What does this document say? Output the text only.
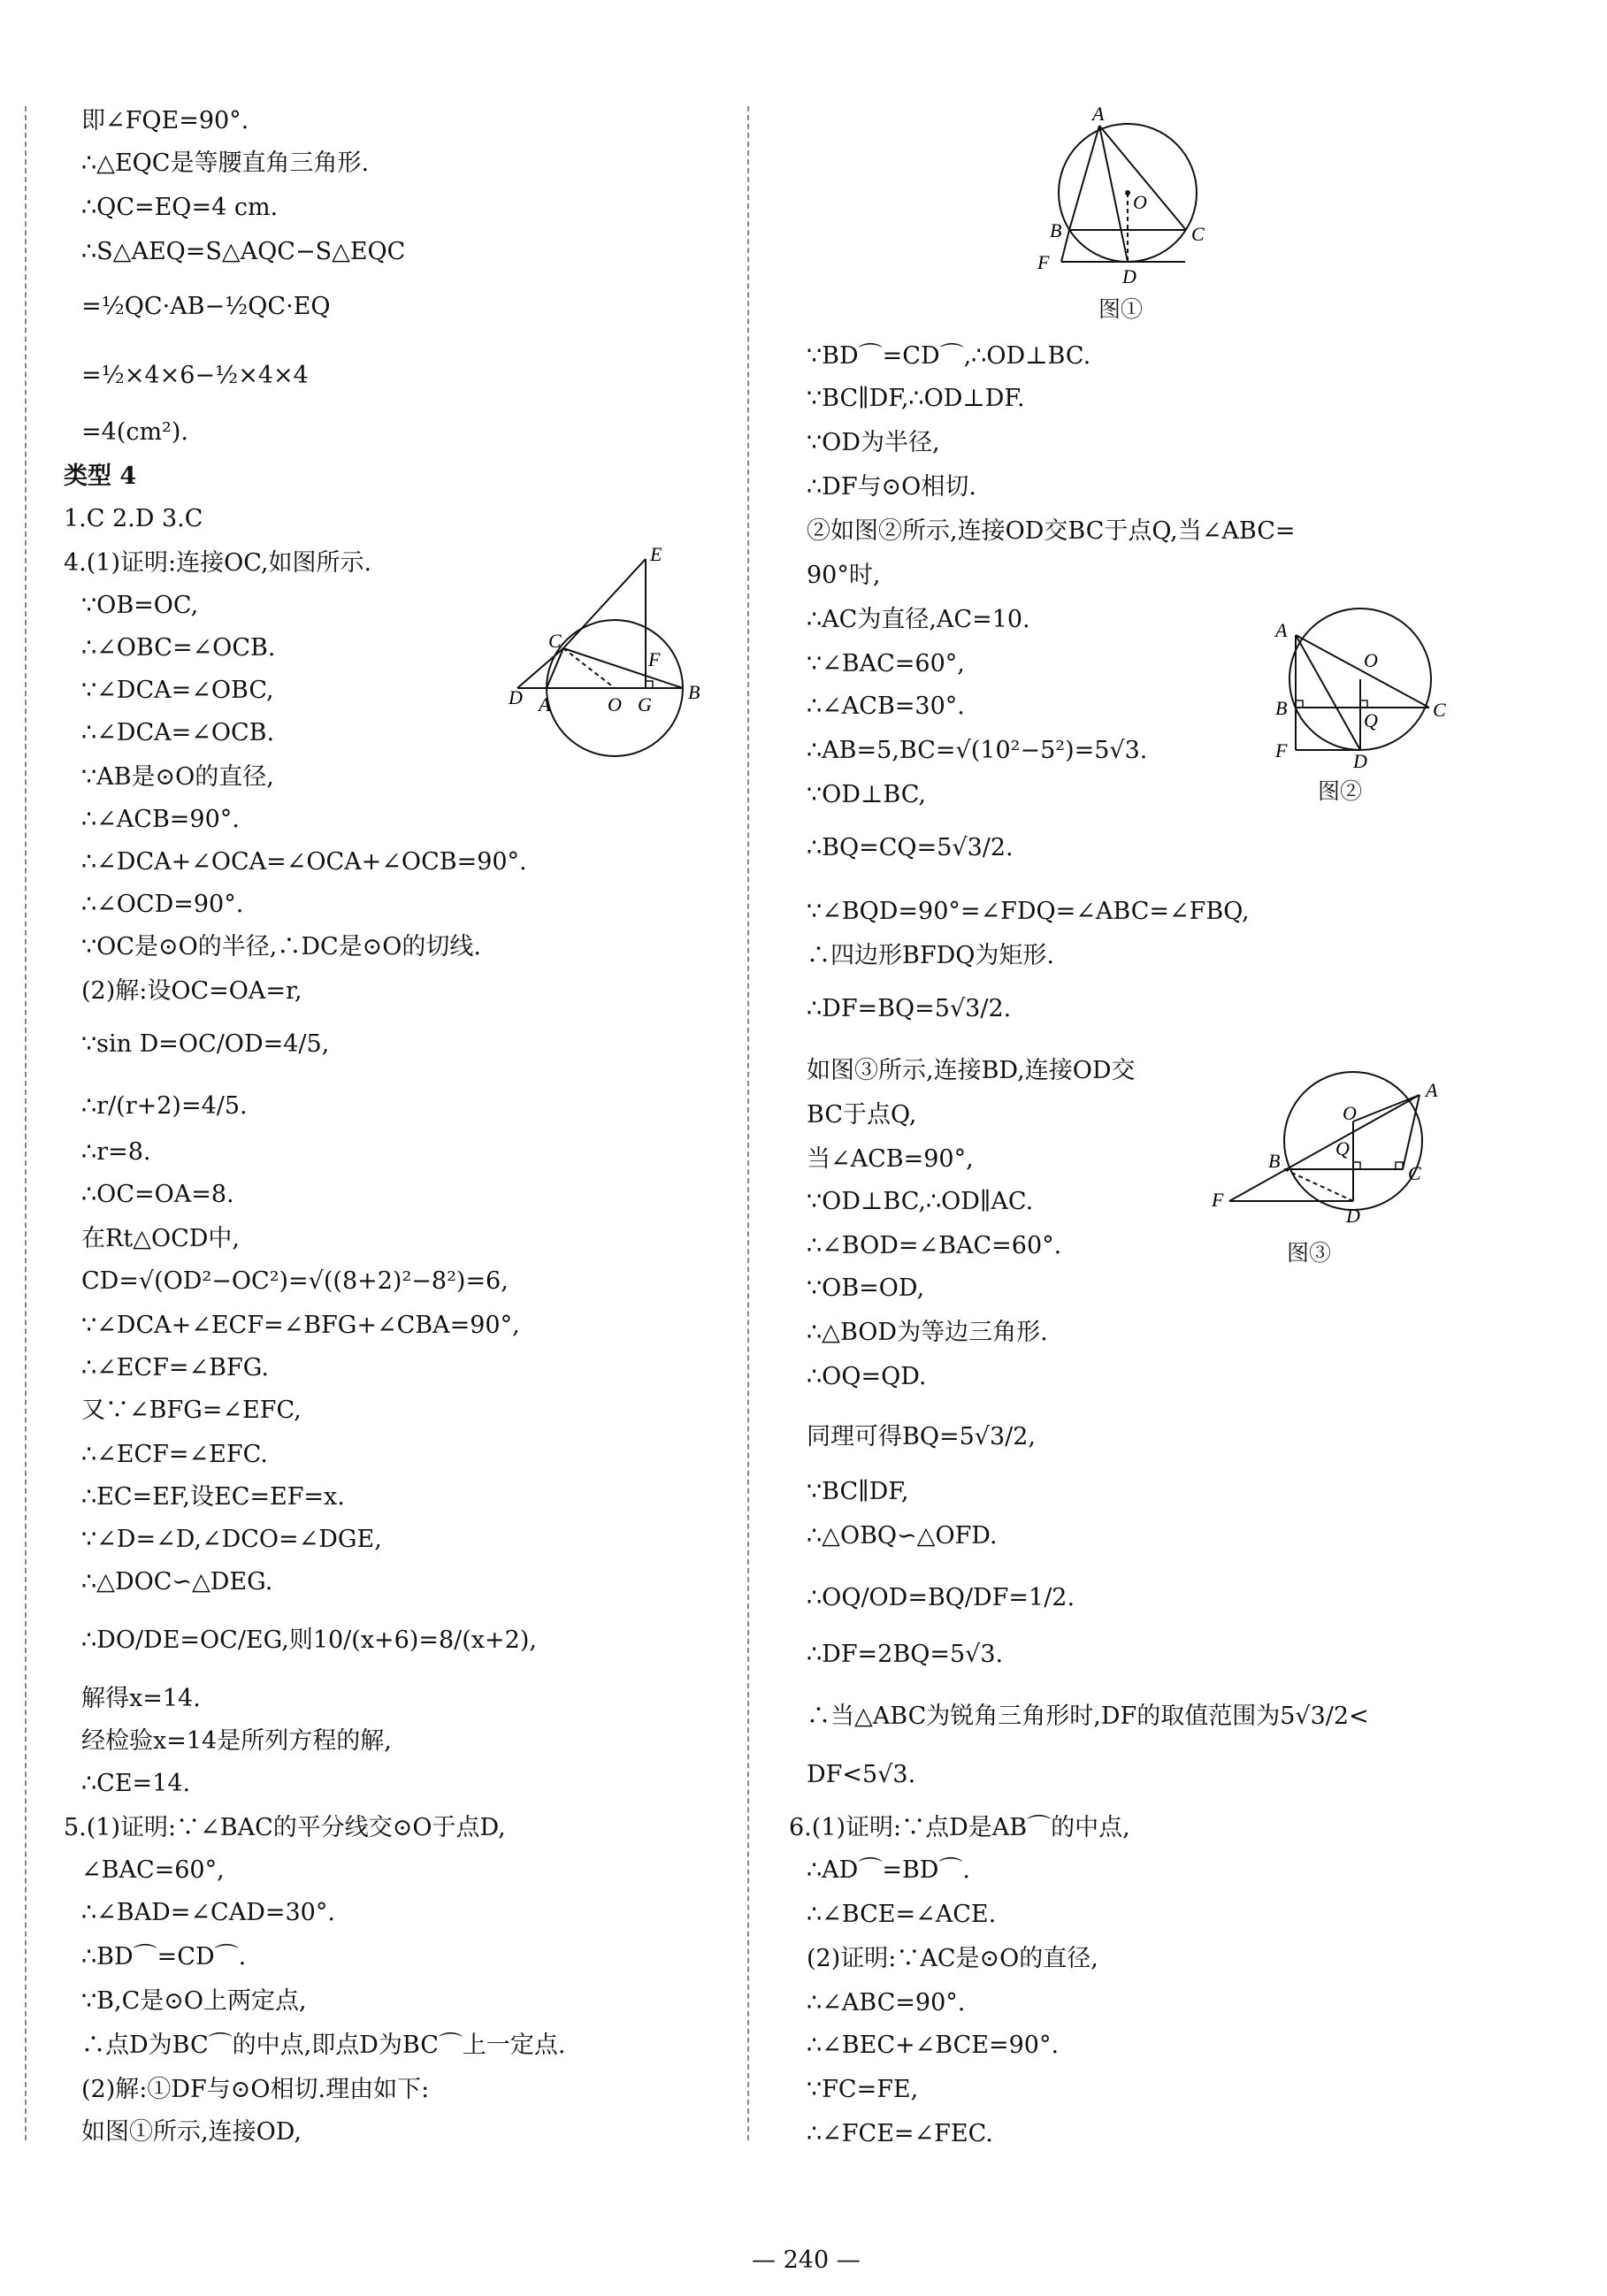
即∠FQE=90°.
∴△EQC是等腰直角三角形.
∴QC=EQ=4 cm.
∴S△AEQ=S△AQC−S△EQC
=½QC·AB−½QC·EQ
=½×4×6−½×4×4
=4(cm²).
类型 4
1.C 2.D 3.C
4.(1)证明:连接OC,如图所示.
∵OB=OC,
∴∠OBC=∠OCB.
∵∠DCA=∠OBC,
∴∠DCA=∠OCB.
∵AB是⊙O的直径,
∴∠ACB=90°.
∴∠DCA+∠OCA=∠OCA+∠OCB=90°.
∴∠OCD=90°.
∵OC是⊙O的半径,∴DC是⊙O的切线.
(2)解:设OC=OA=r,
∵sin D=OC/OD=4/5,
∴r/(r+2)=4/5.
∴r=8.
∴OC=OA=8.
在Rt△OCD中,
CD=√(OD²−OC²)=√((8+2)²−8²)=6,
∵∠DCA+∠ECF=∠BFG+∠CBA=90°,
∴∠ECF=∠BFG.
又∵∠BFG=∠EFC,
∴∠ECF=∠EFC.
∴EC=EF,设EC=EF=x.
∵∠D=∠D,∠DCO=∠DGE,
∴△DOC∽△DEG.
∴DO/DE=OC/EG,则10/(x+6)=8/(x+2),
解得x=14.
经检验x=14是所列方程的解,
∴CE=14.
5.(1)证明:∵∠BAC的平分线交⊙O于点D,
∠BAC=60°,
∴∠BAD=∠CAD=30°.
∴BD⌒=CD⌒.
∵B,C是⊙O上两定点,
∴点D为BC⌒的中点,即点D为BC⌒上一定点.
(2)解:①DF与⊙O相切.理由如下:
如图①所示,连接OD,
∵BD⌒=CD⌒,∴OD⊥BC.
∵BC∥DF,∴OD⊥DF.
∵OD为半径,
∴DF与⊙O相切.
②如图②所示,连接OD交BC于点Q,当∠ABC=
90°时,
∴AC为直径,AC=10.
∵∠BAC=60°,
∴∠ACB=30°.
∴AB=5,BC=√(10²−5²)=5√3.
∵OD⊥BC,
∴BQ=CQ=5√3/2.
∵∠BQD=90°=∠FDQ=∠ABC=∠FBQ,
∴四边形BFDQ为矩形.
∴DF=BQ=5√3/2.
如图③所示,连接BD,连接OD交
BC于点Q,
当∠ACB=90°,
∵OD⊥BC,∴OD∥AC.
∴∠BOD=∠BAC=60°.
∵OB=OD,
∴△BOD为等边三角形.
∴OQ=QD.
同理可得BQ=5√3/2,
∵BC∥DF,
∴△OBQ∽△OFD.
∴OQ/OD=BQ/DF=1/2.
∴DF=2BQ=5√3.
∴当△ABC为锐角三角形时,DF的取值范围为5√3/2<
DF<5√3.
6.(1)证明:∵点D是AB⌒的中点,
∴AD⌒=BD⌒.
∴∠BCE=∠ACE.
(2)证明:∵AC是⊙O的直径,
∴∠ABC=90°.
∴∠BEC+∠BCE=90°.
∵FC=FE,
∴∠FCE=∠FEC.
E
C
F
D A	O G
B
A
O
B	C
F
D
图①
A
O
B
Q	C
F	D
图②
A
O
Q
B
C
F
D
图③
— 240 —
